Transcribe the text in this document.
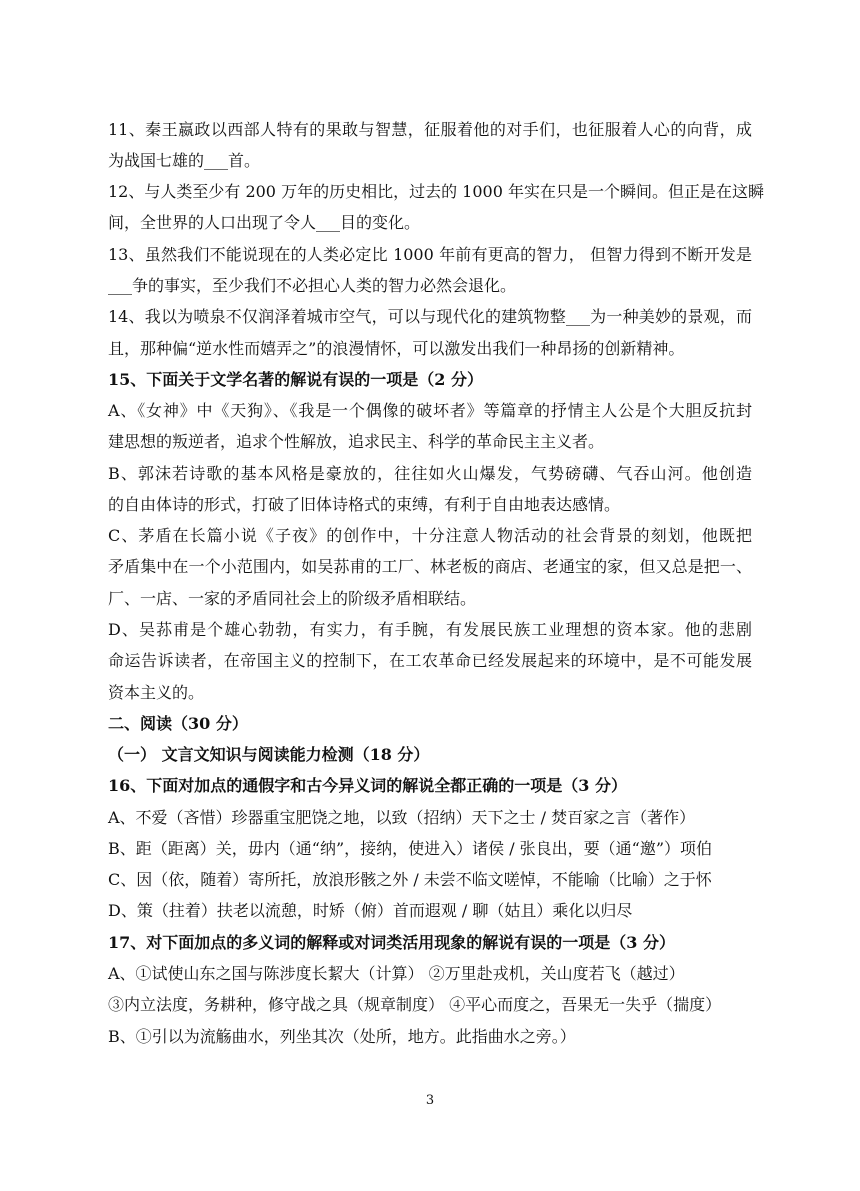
11、秦王嬴政以西部人特有的果敢与智慧，征服着他的对手们，也征服着人心的向背，成
为战国七雄的___首。
12、与人类至少有 200 万年的历史相比，过去的 1000 年实在只是一个瞬间。但正是在这瞬
间，全世界的人口出现了令人___目的变化。
13、虽然我们不能说现在的人类必定比 1000 年前有更高的智力， 但智力得到不断开发是
___争的事实，至少我们不必担心人类的智力必然会退化。
14、我以为喷泉不仅润泽着城市空气，可以与现代化的建筑物整___为一种美妙的景观，而
且，那种偏“逆水性而嬉弄之”的浪漫情怀，可以激发出我们一种昂扬的创新精神。
15、下面关于文学名著的解说有误的一项是（2 分）
A、《女神》中《天狗》、《我是一个偶像的破坏者》等篇章的抒情主人公是个大胆反抗封
建思想的叛逆者，追求个性解放，追求民主、科学的革命民主主义者。
B、郭沫若诗歌的基本风格是豪放的，往往如火山爆发，气势磅礴、气吞山河。他创造
的自由体诗的形式，打破了旧体诗格式的束缚，有利于自由地表达感情。
C、茅盾在长篇小说《子夜》的创作中，十分注意人物活动的社会背景的刻划，他既把
矛盾集中在一个小范围内，如吴荪甫的工厂、林老板的商店、老通宝的家，但又总是把一、
厂、一店、一家的矛盾同社会上的阶级矛盾相联结。
D、吴荪甫是个雄心勃勃，有实力，有手腕，有发展民族工业理想的资本家。他的悲剧
命运告诉读者，在帝国主义的控制下，在工农革命已经发展起来的环境中，是不可能发展
资本主义的。
二、阅读（30 分）
（一） 文言文知识与阅读能力检测（18 分）
16、下面对加点的通假字和古今异义词的解说全都正确的一项是（3 分）
A、不爱（吝惜）珍器重宝肥饶之地，以致（招纳）天下之士 / 焚百家之言（著作）
B、距（距离）关，毋内（通“纳”，接纳，使进入）诸侯 / 张良出，要（通“邀”）项伯
C、因（依，随着）寄所托，放浪形骸之外 / 未尝不临文嗟悼，不能喻（比喻）之于怀
D、策（拄着）扶老以流憩，时矫（俯）首而遐观 / 聊（姑且）乘化以归尽
17、对下面加点的多义词的解释或对词类活用现象的解说有误的一项是（3 分）
A、①试使山东之国与陈涉度长絜大（计算） ②万里赴戎机，关山度若飞（越过）
③内立法度，务耕种，修守战之具（规章制度） ④平心而度之，吾果无一失乎（揣度）
B、①引以为流觞曲水，列坐其次（处所，地方。此指曲水之旁。）
3
